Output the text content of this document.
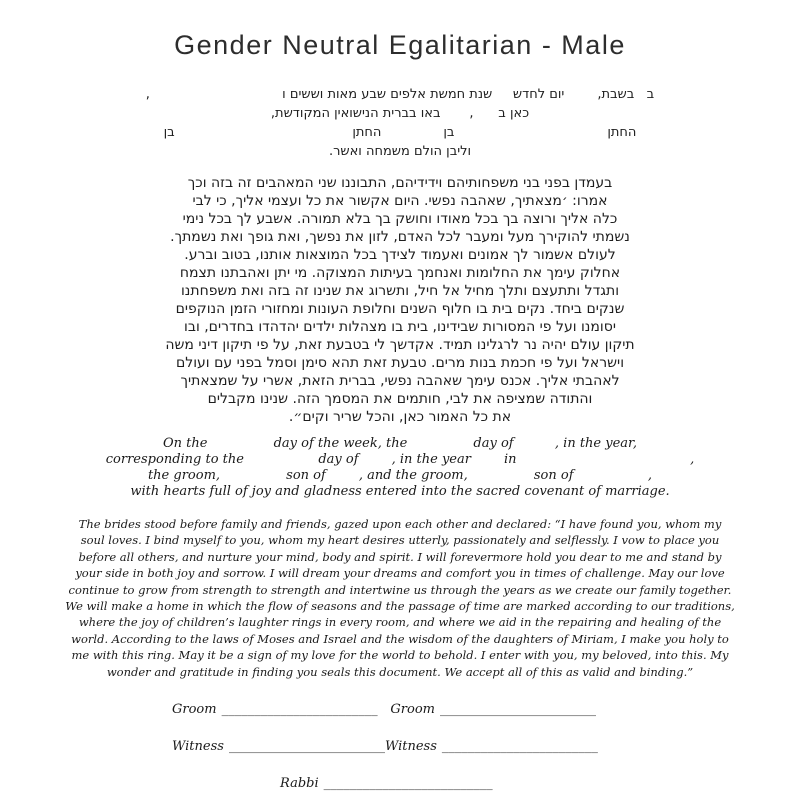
Gender Neutral Egalitarian - Male
ב   בשבת,        יום לחדש     שנת חמשת אלפים שבע מאות וששים ו                                ,
כאן ב      ,       באו בברית הנישואין המקודשת,
החתן                                     בן               החתן                                           בן
וליבן הולם משמחה ואשר.
בעמדן בפני בני משפחותיהם וידידיהם, התבוננו שני המאהבים זה בזה וכך
אמרו: ׳מצאתיך, שאהבה נפשי. היום אקשור את כל ועצמי אליך, כי לבי
כלה אליך ורוצה בך בכל מאודו וחושק בך בלא תמורה. אשבע לך בכל נימי
נשמתי להוקירך מעל ומעבר לכל האדם, לזון את נפשך, ואת גופך ואת נשמתך.
לעולם אשמור לך אמונים ואעמוד לצידך בכל המוצאות אותנו, בטוב וברע.
אחלוק עימך את החלומות ואנחמך בעיתות המצוקה. מי יתן ואהבתנו תצמח
ותגדל ותתעצם ותלך מחיל אל חיל, ותשרוג את שנינו זה בזה ואת משפחתנו
שנקים ביחד. נקים בית בו חלוף השנים וחלופת העונות ומחזורי הזמן הנוקפים
יסומנו ועל פי המסורות שבידינו, בית בו מצהלות ילדים יהדהדו בחדרים, ובו
תיקון עולם יהיה נר לרגלינו תמיד. אקדשך לי בטבעת זאת, על פי תיקון דיני משה
וישראל ועל פי חכמת בנות מרים. טבעת זאת תהא סימן וסמל בפני עם ועולם
לאהבתי אליך. אכנס עימך שאהבה נפשי, בברית הזאת, אשרי על שמצאתיך
והתודה שמציפה את לבי, חותמים את המסמך הזה. שנינו מקבלים
את כל האמור כאן, והכל שריר וקים״.
On the                day of the week, the                day of          , in the year,
corresponding to the                  day of        , in the year        in                                          ,
the groom,                son of        , and the groom,                son of                  ,
with hearts full of joy and gladness entered into the sacred covenant of marriage.
The brides stood before family and friends, gazed upon each other and declared: “I have found you, whom my
soul loves. I bind myself to you, whom my heart desires utterly, passionately and selflessly. I vow to place you
before all others, and nurture your mind, body and spirit. I will forevermore hold you dear to me and stand by
your side in both joy and sorrow. I will dream your dreams and comfort you in times of challenge. May our love
continue to grow from strength to strength and intertwine us through the years as we create our family together.
We will make a home in which the flow of seasons and the passage of time are marked according to our traditions,
where the joy of children’s laughter rings in every room, and where we aid in the repairing and healing of the
world. According to the laws of Moses and Israel and the wisdom of the daughters of Miriam, I make you holy to
me with this ring. May it be a sign of my love for the world to behold. I enter with you, my beloved, into this. My
wonder and gratitude in finding you seals this document. We accept all of this as valid and binding.”
Groom ________________________ Groom ________________________
Witness ________________________ Witness ________________________
Rabbi __________________________
